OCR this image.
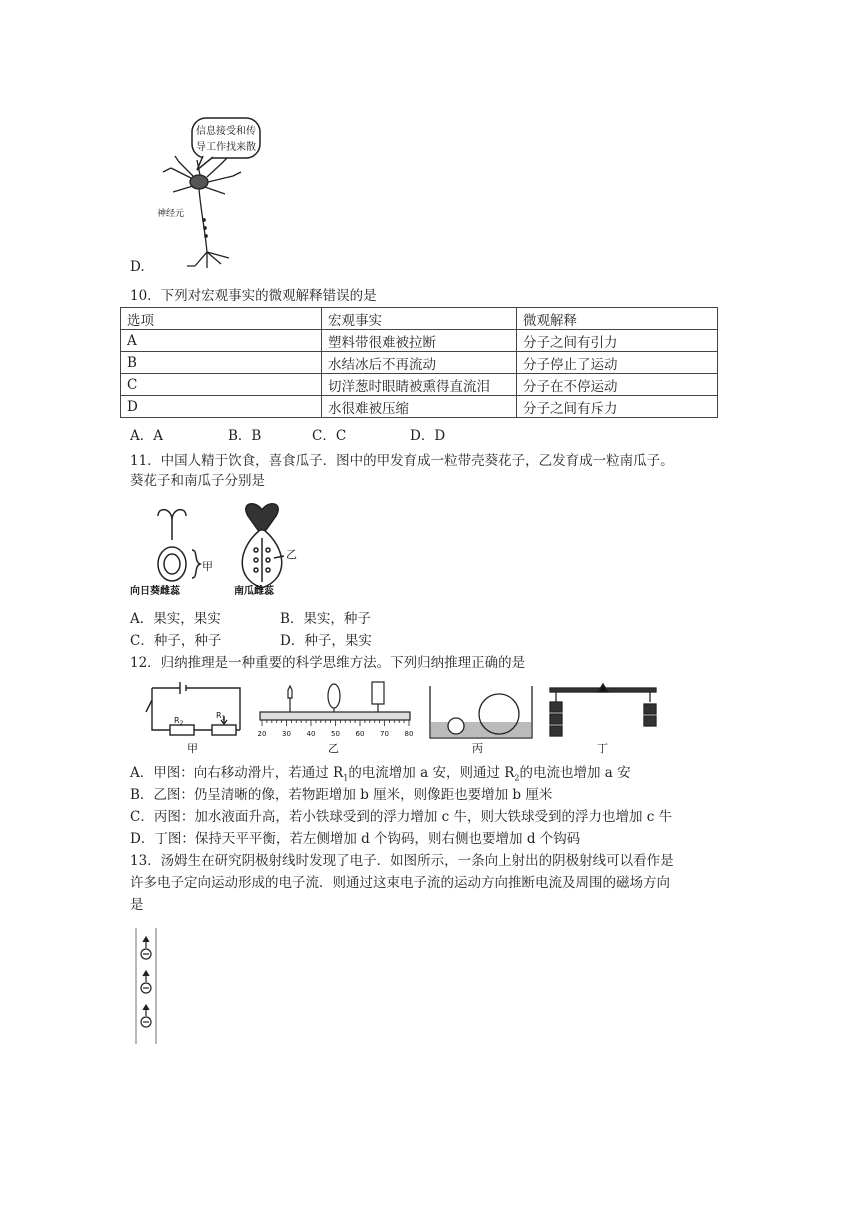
信息接受和传
导工作找来散
神经元
D.
10．下列对宏观事实的微观解释错误的是
选项	宏观事实	微观解释
A	塑料带很难被拉断	分子之间有引力
B	水结冰后不再流动	分子停止了运动
C	切洋葱时眼睛被熏得直流泪	分子在不停运动
D	水很难被压缩	分子之间有斥力
A．A	B．B	C．C	D．D
11．中国人精于饮食，喜食瓜子．图中的甲发育成一粒带壳葵花子，乙发育成一粒南瓜子。
葵花子和南瓜子分别是
甲
乙
向日葵雌蕊	南瓜雌蕊
A．果实，果实	B．果实，种子
C．种子，种子	D．种子，果实
12．归纳推理是一种重要的科学思维方法。下列归纳推理正确的是
$R_2$
$R_1$
甲
20 30 40 50 60 70 80
乙	丙	丁
A．甲图：向右移动滑片，若通过 $R_1$的电流增加 a 安，则通过 $R_2$的电流也增加 a 安
B．乙图：仍呈清晰的像，若物距增加 b 厘米，则像距也要增加 b 厘米
C．丙图：加水液面升高，若小铁球受到的浮力增加 c 牛，则大铁球受到的浮力也增加 c 牛
D．丁图：保持天平平衡，若左侧增加 d 个钩码，则右侧也要增加 d 个钩码
13．汤姆生在研究阴极射线时发现了电子．如图所示，一条向上射出的阴极射线可以看作是
许多电子定向运动形成的电子流．则通过这束电子流的运动方向推断电流及周围的磁场方向
是
